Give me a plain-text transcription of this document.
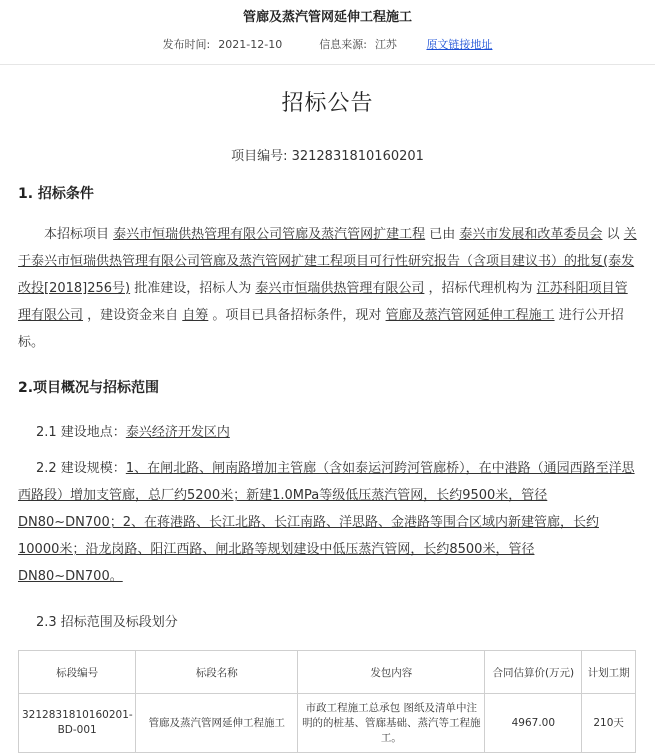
管廊及蒸汽管网延伸工程施工
发布时间: 2021-12-10	信息来源: 江苏	原文链接地址
招标公告
项目编号: 3212831810160201
1. 招标条件
本招标项目 泰兴市恒瑞供热管理有限公司管廊及蒸汽管网扩建工程 已由 泰兴市发展和改革委员会 以 关于泰兴市恒瑞供热管理有限公司管廊及蒸汽管网扩建工程项目可行性研究报告（含项目建议书）的批复(泰发改投[2018]256号) 批准建设，招标人为 泰兴市恒瑞供热管理有限公司 ，招标代理机构为 江苏科阳项目管理有限公司 ，建设资金来自 自筹 。项目已具备招标条件，现对 管廊及蒸汽管网延伸工程施工 进行公开招标。
2.项目概况与招标范围
2.1 建设地点：泰兴经济开发区内
2.2 建设规模：1、在闸北路、闸南路增加主管廊（含如泰运河跨河管廊桥），在中港路（通园西路至洋思西路段）增加支管廊，总厂约5200米；新建1.0MPa等级低压蒸汽管网，长约9500米，管径DN80~DN700；2、在蒋港路、长江北路、长江南路、洋思路、金港路等围合区域内新建管廊，长约10000米；沿龙岗路、阳江西路、闸北路等规划建设中低压蒸汽管网，长约8500米，管径DN80~DN700。
2.3 招标范围及标段划分
标段编号	标段名称	发包内容	合同估算价(万元)	计划工期
3212831810160201-BD-001	管廊及蒸汽管网延伸工程施工	市政工程施工总承包 图纸及清单中注明的的桩基、管廊基础、蒸汽等工程施工。	4967.00	210天
